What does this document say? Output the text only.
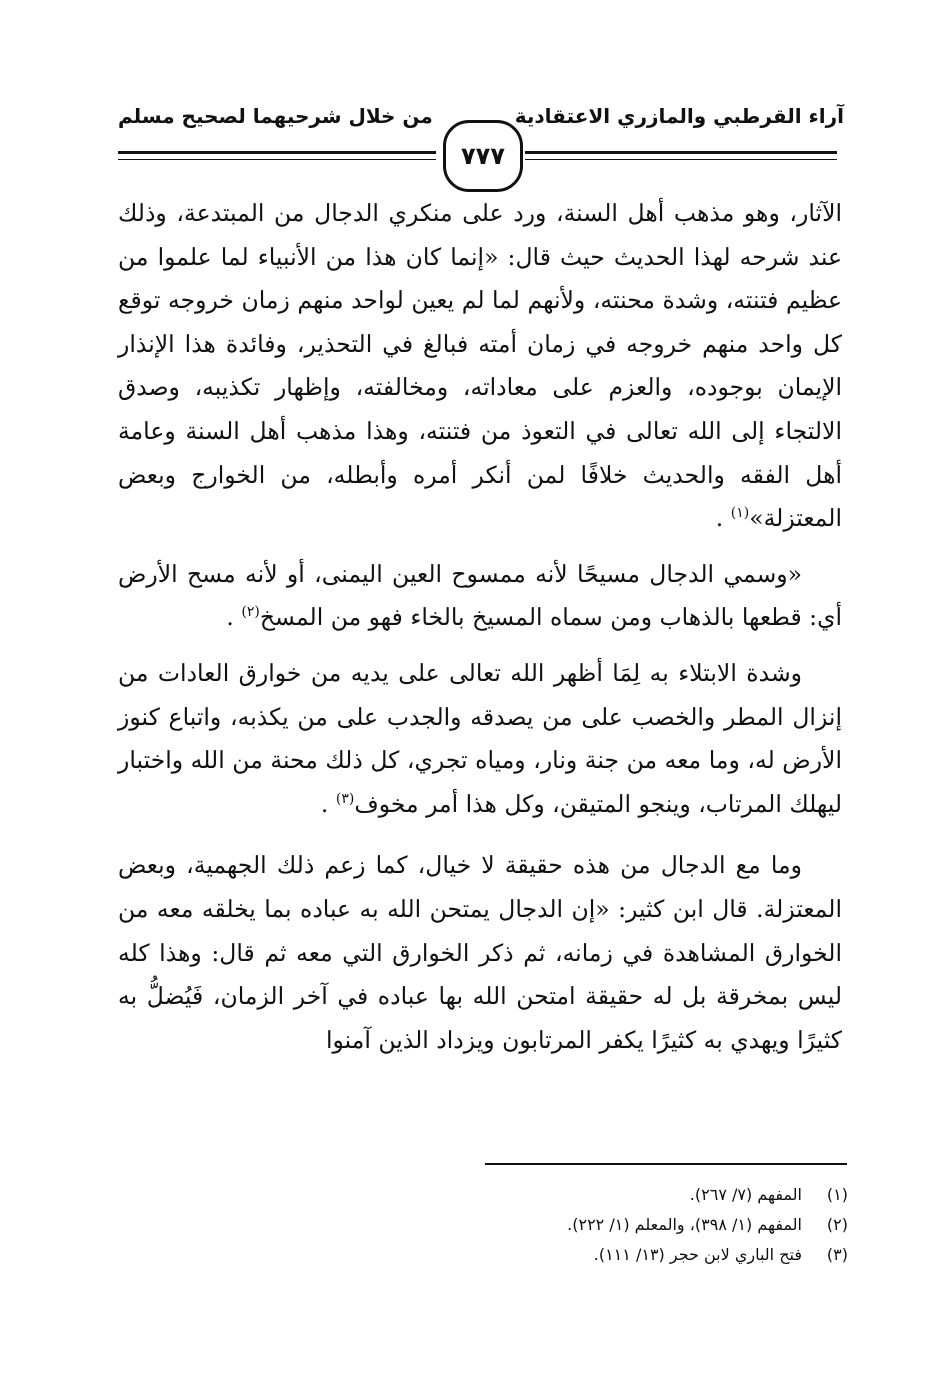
آراء القرطبي والمازري الاعتقادية
من خلال شرحيهما لصحيح مسلم
٧٧٧

الآثار، وهو مذهب أهل السنة، ورد على منكري الدجال من المبتدعة، وذلك عند شرحه لهذا الحديث حيث قال: «إنما كان هذا من الأنبياء لما علموا من عظيم فتنته، وشدة محنته، ولأنهم لما لم يعين لواحد منهم زمان خروجه توقع كل واحد منهم خروجه في زمان أمته فبالغ في التحذير، وفائدة هذا الإنذار الإيمان بوجوده، والعزم على معاداته، ومخالفته، وإظهار تكذيبه، وصدق الالتجاء إلى الله تعالى في التعوذ من فتنته، وهذا مذهب أهل السنة وعامة أهل الفقه والحديث خلافًا لمن أنكر أمره وأبطله، من الخوارج وبعض المعتزلة»$^{(١)}$ .

«وسمي الدجال مسيحًا لأنه ممسوح العين اليمنى، أو لأنه مسح الأرض أي: قطعها بالذهاب ومن سماه المسيخ بالخاء فهو من المسخ$^{(٢)}$ .

وشدة الابتلاء به لِمَا أظهر الله تعالى على يديه من خوارق العادات من إنزال المطر والخصب على من يصدقه والجدب على من يكذبه، واتباع كنوز الأرض له، وما معه من جنة ونار، ومياه تجري، كل ذلك محنة من الله واختبار ليهلك المرتاب، وينجو المتيقن، وكل هذا أمر مخوف$^{(٣)}$ .

وما مع الدجال من هذه حقيقة لا خيال، كما زعم ذلك الجهمية، وبعض المعتزلة. قال ابن كثير: «إن الدجال يمتحن الله به عباده بما يخلقه معه من الخوارق المشاهدة في زمانه، ثم ذكر الخوارق التي معه ثم قال: وهذا كله ليس بمخرقة بل له حقيقة امتحن الله بها عباده في آخر الزمان، فَيُضلُّ به كثيرًا ويهدي به كثيرًا يكفر المرتابون ويزداد الذين آمنوا

(١)
المفهم (٧/ ٢٦٧).
(٢)
المفهم (١/ ٣٩٨)، والمعلم (١/ ٢٢٢).
(٣)
فتح الباري لابن حجر (١٣/ ١١١).
